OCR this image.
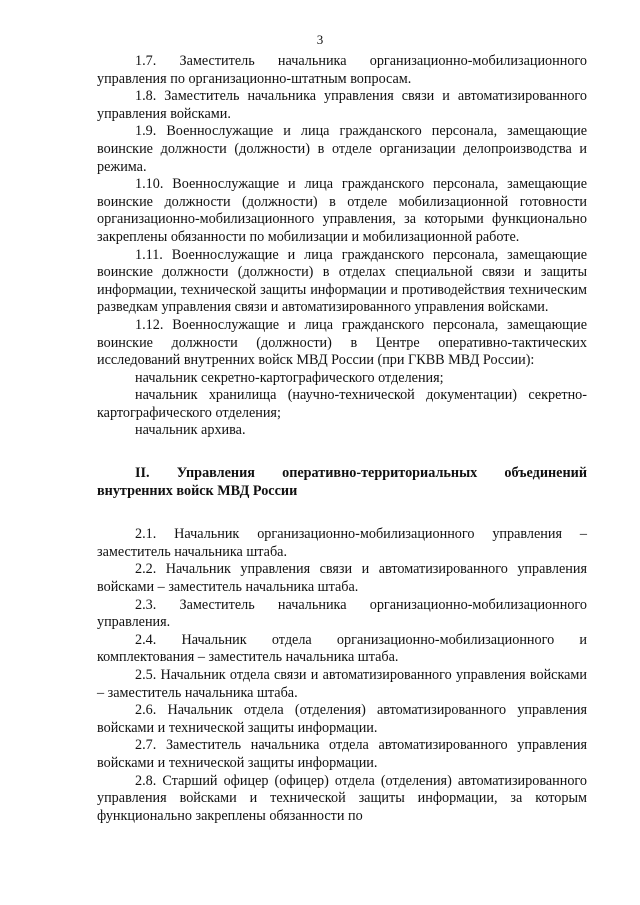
3

1.7. Заместитель начальника организационно-мобилизационного управления по организационно-штатным вопросам.

1.8. Заместитель начальника управления связи и автоматизированного управления войсками.

1.9. Военнослужащие и лица гражданского персонала, замещающие воинские должности (должности) в отделе организации делопроизводства и режима.

1.10. Военнослужащие и лица гражданского персонала, замещающие воинские должности (должности) в отделе мобилизационной готовности организационно-мобилизационного управления, за которыми функционально закреплены обязанности по мобилизации и мобилизационной работе.

1.11. Военнослужащие и лица гражданского персонала, замещающие воинские должности (должности) в отделах специальной связи и защиты информации, технической защиты информации и противодействия техническим разведкам управления связи и автоматизированного управления войсками.

1.12. Военнослужащие и лица гражданского персонала, замещающие воинские должности (должности) в Центре оперативно-тактических исследований внутренних войск МВД России (при ГКВВ МВД России):

начальник секретно-картографического отделения;

начальник хранилища (научно-технической документации) секретно-картографического отделения;

начальник архива.

II. Управления оперативно-территориальных объединений внутренних войск МВД России

2.1. Начальник организационно-мобилизационного управления – заместитель начальника штаба.

2.2. Начальник управления связи и автоматизированного управления войсками – заместитель начальника штаба.

2.3. Заместитель начальника организационно-мобилизационного управления.

2.4. Начальник отдела организационно-мобилизационного и комплектования – заместитель начальника штаба.

2.5. Начальник отдела связи и автоматизированного управления войсками – заместитель начальника штаба.

2.6. Начальник отдела (отделения) автоматизированного управления войсками и технической защиты информации.

2.7. Заместитель начальника отдела автоматизированного управления войсками и технической защиты информации.

2.8. Старший офицер (офицер) отдела (отделения) автоматизированного управления войсками и технической защиты информации, за которым функционально закреплены обязанности по
